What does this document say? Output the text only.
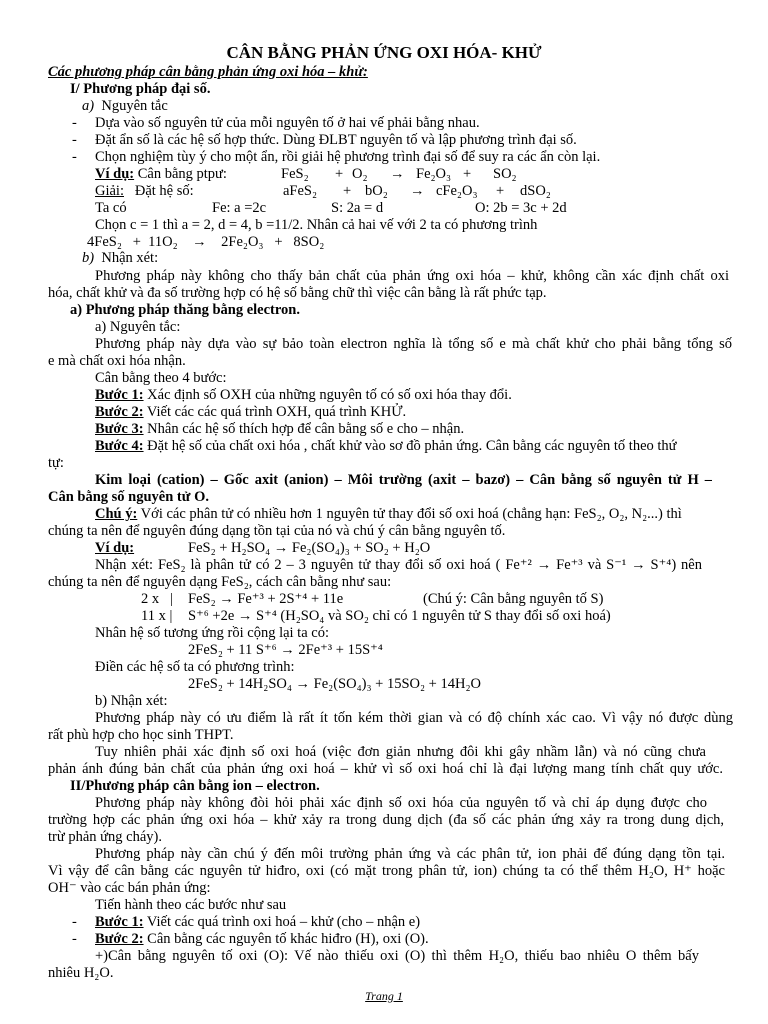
CÂN BẰNG PHẢN ỨNG OXI HÓA- KHỬ
Các phương pháp cân bằng phản ứng oxi hóa – khử:
I/ Phương pháp đại số.
a) Nguyên tắc
- Dựa vào số nguyên tử của mỗi nguyên tố ở hai vế phải bằng nhau.
- Đặt ẩn số là các hệ số hợp thức. Dùng ĐLBT nguyên tố và lập phương trình đại số.
- Chọn nghiệm tùy ý cho một ẩn, rồi giải hệ phương trình đại số để suy ra các ẩn còn lại.
Ví dụ: Cân bằng ptpư:	FeS₂ + O₂ → Fe₂O₃ + SO₂
Giải: Đặt hệ số:	aFeS₂ + bO₂ → cFe₂O₃ + dSO₂
Ta có	Fe: a =2c	S: 2a = d	O: 2b = 3c + 2d
Chọn c = 1 thì a = 2, d = 4, b =11/2. Nhân cả hai vế với 2 ta có phương trình
4FeS₂   +  11O₂    →    2Fe₂O₃   +   8SO₂
b) Nhận xét:
Phương pháp này không cho thấy bản chất của phản ứng oxi hóa – khử, không cần xác định chất oxi
hóa, chất khử và đa số trường hợp có hệ số bằng chữ thì việc cân bằng là rất phức tạp.
a) Phương pháp thăng bằng electron.
a) Nguyên tắc:
Phương pháp này dựa vào sự bảo toàn electron nghĩa là tổng số e mà chất khử cho phải bằng tổng số
e mà chất oxi hóa nhận.
Cân bằng theo 4 bước:
Bước 1: Xác định số OXH của những nguyên tố có số oxi hóa thay đổi.
Bước 2: Viết các các quá trình OXH, quá trình KHỬ.
Bước 3: Nhân các hệ số thích hợp để cân bằng số e cho – nhận.
Bước 4: Đặt hệ số của chất oxi hóa , chất khử vào sơ đồ phản ứng. Cân bằng các nguyên tố theo thứ
tự:
Kim loại (cation) – Gốc axit (anion) – Môi trường (axit – bazơ) – Cân bằng số nguyên tử H –
Cân bằng số nguyên tử O.
Chú ý: Với các phân tử có nhiều hơn 1 nguyên tử thay đổi số oxi hoá (chẳng hạn: FeS₂, O₂, N₂...) thì
chúng ta nên để nguyên đúng dạng tồn tại của nó và chú ý cân bằng nguyên tố.
Ví dụ:	FeS₂ + H₂SO₄ → Fe₂(SO₄)₃ + SO₂ + H₂O
Nhận xét: FeS₂ là phân tử có 2 – 3 nguyên tử thay đổi số oxi hoá ( Fe⁺² → Fe⁺³ và S⁻¹ → S⁺⁴) nên
chúng ta nên để nguyên dạng FeS₂, cách cân bằng như sau:
2 x   | FeS₂ → Fe⁺³ + 2S⁺⁴ + 11e	(Chú ý: Cân bằng nguyên tố S)
11 x | S⁺⁶ +2e → S⁺⁴ (H₂SO₄ và SO₂ chỉ có 1 nguyên tử S thay đổi số oxi hoá)
Nhân hệ số tương ứng rồi cộng lại ta có:
2FeS₂ + 11 S⁺⁶ → 2Fe⁺³ + 15S⁺⁴
Điền các hệ số ta có phương trình:
2FeS₂ + 14H₂SO₄ → Fe₂(SO₄)₃ + 15SO₂ + 14H₂O
b) Nhận xét:
Phương pháp này có ưu điểm là rất ít tốn kém thời gian và có độ chính xác cao. Vì vậy nó được dùng
rất phù hợp cho học sinh THPT.
Tuy nhiên phải xác định số oxi hoá (việc đơn giản nhưng đôi khi gây nhầm lẫn) và nó cũng chưa
phản ánh đúng bản chất của phản ứng oxi hoá – khử vì số oxi hoá chỉ là đại lượng mang tính chất quy ước.
II/Phương pháp cân bằng ion – electron.
Phương pháp này không đòi hỏi phải xác định số oxi hóa của nguyên tố và chỉ áp dụng được cho
trường hợp các phản ứng oxi hóa – khử xảy ra trong dung dịch (đa số các phản ứng xảy ra trong dung dịch,
trừ phản ứng cháy).
Phương pháp này cần chú ý đến môi trường phản ứng và các phân tử, ion phải để đúng dạng tồn tại.
Vì vậy để cân bằng các nguyên tử hiđro, oxi (có mặt trong phân tử, ion) chúng ta có thể thêm H₂O, H⁺ hoặc
OH⁻ vào các bán phản ứng:
Tiến hành theo các bước như sau
- Bước 1: Viết các quá trình oxi hoá – khử (cho – nhận e)
- Bước 2: Cân bằng các nguyên tố khác hiđro (H), oxi (O).
+)Cân bằng nguyên tố oxi (O): Vế nào thiếu oxi (O) thì thêm H₂O, thiếu bao nhiêu O thêm bấy
nhiêu H₂O.
Trang 1
